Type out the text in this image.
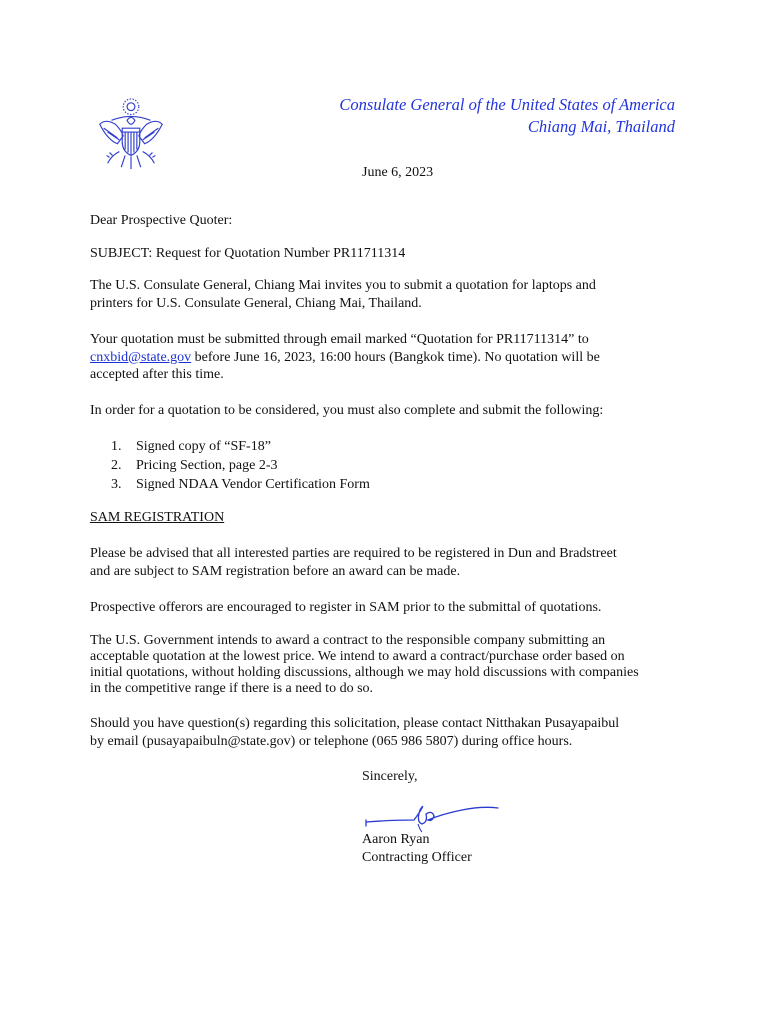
Consulate General of the United States of America
Chiang Mai, Thailand
June 6, 2023

Dear Prospective Quoter:

SUBJECT: Request for Quotation Number PR11711314

The U.S. Consulate General, Chiang Mai invites you to submit a quotation for laptops and
printers for U.S. Consulate General, Chiang Mai, Thailand.

Your quotation must be submitted through email marked “Quotation for PR11711314” to
cnxbid@state.gov before June 16, 2023, 16:00 hours (Bangkok time). No quotation will be
accepted after this time.

In order for a quotation to be considered, you must also complete and submit the following:

1. Signed copy of “SF-18”
2. Pricing Section, page 2-3
3. Signed NDAA Vendor Certification Form

SAM REGISTRATION

Please be advised that all interested parties are required to be registered in Dun and Bradstreet
and are subject to SAM registration before an award can be made.

Prospective offerors are encouraged to register in SAM prior to the submittal of quotations.

The U.S. Government intends to award a contract to the responsible company submitting an
acceptable quotation at the lowest price. We intend to award a contract/purchase order based on
initial quotations, without holding discussions, although we may hold discussions with companies
in the competitive range if there is a need to do so.

Should you have question(s) regarding this solicitation, please contact Nitthakan Pusayapaibul
by email (pusayapaibuln@state.gov) or telephone (065 986 5807) during office hours.

Sincerely,
Aaron Ryan
Contracting Officer
